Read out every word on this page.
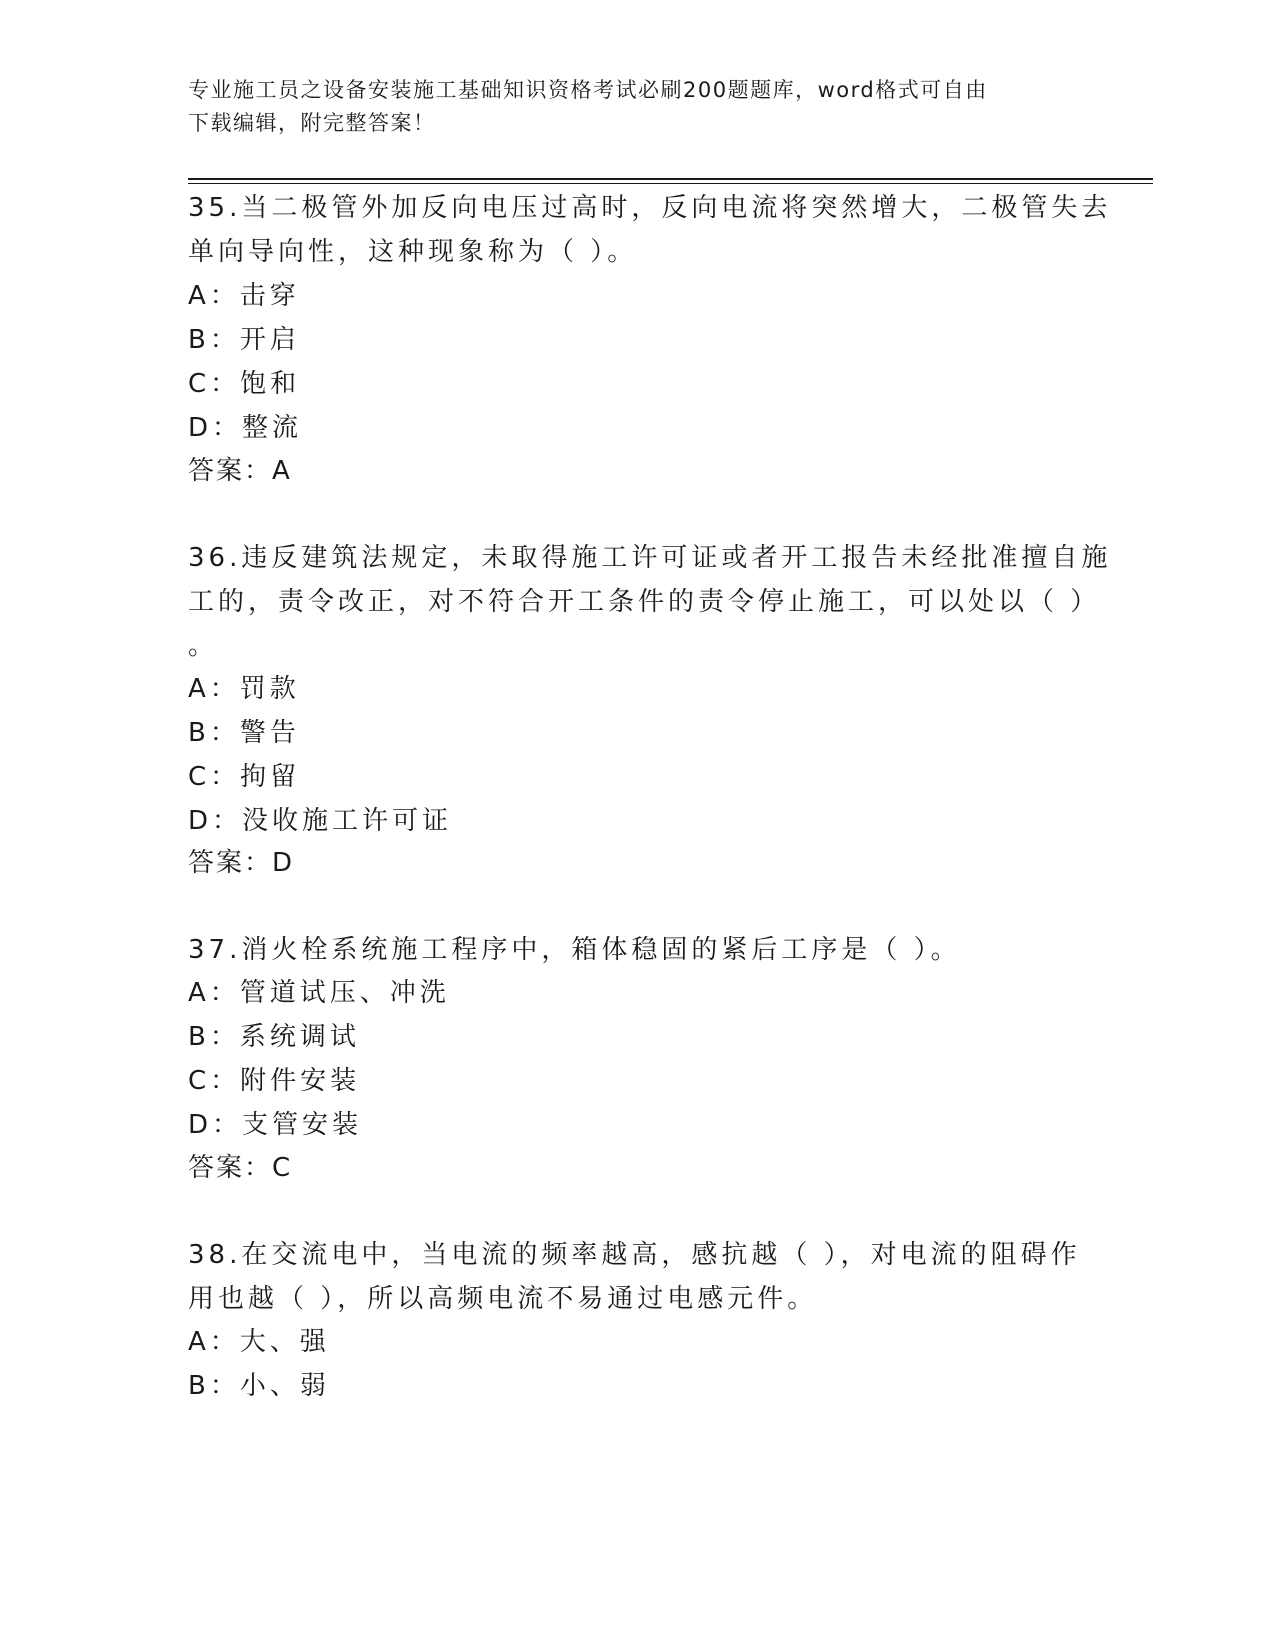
专业施工员之设备安装施工基础知识资格考试必刷200题题库，word格式可自由
下载编辑，附完整答案！
35.当二极管外加反向电压过高时，反向电流将突然增大，二极管失去
单向导向性，这种现象称为（ ）。
A：击穿
B：开启
C：饱和
D：整流
答案：A
36.违反建筑法规定，未取得施工许可证或者开工报告未经批准擅自施
工的，责令改正，对不符合开工条件的责令停止施工，可以处以（ ）
。
A：罚款
B：警告
C：拘留
D：没收施工许可证
答案：D
37.消火栓系统施工程序中，箱体稳固的紧后工序是（ ）。
A：管道试压、冲洗
B：系统调试
C：附件安装
D：支管安装
答案：C
38.在交流电中，当电流的频率越高，感抗越（ ），对电流的阻碍作
用也越（ ），所以高频电流不易通过电感元件。
A：大、强
B：小、弱
